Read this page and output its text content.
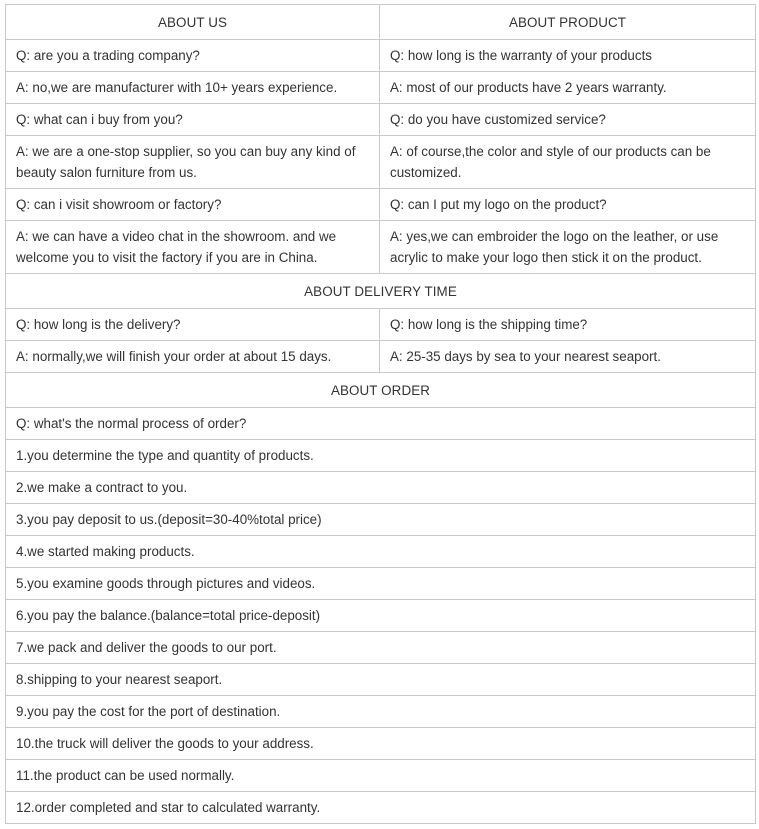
ABOUT US	ABOUT PRODUCT
Q: are you a trading company?	Q: how long is the warranty of your products
A: no,we are manufacturer with 10+ years experience.	A: most of our products have 2 years warranty.
Q: what can i buy from you?	Q: do you have customized service?
A: we are a one-stop supplier, so you can buy any kind of beauty salon furniture from us.	A: of course,the color and style of our products can be customized.
Q: can i visit showroom or factory?	Q: can I put my logo on the product?
A: we can have a video chat in the showroom. and we welcome you to visit the factory if you are in China.	A: yes,we can embroider the logo on the leather, or use acrylic to make your logo then stick it on the product.
ABOUT DELIVERY TIME	
Q: how long is the delivery?	Q: how long is the shipping time?
A: normally,we will finish your order at about 15 days.	A: 25-35 days by sea to your nearest seaport.
ABOUT ORDER	
Q: what's the normal process of order?	
1.you determine the type and quantity of products.	
2.we make a contract to you.	
3.you pay deposit to us.(deposit=30-40%total price)	
4.we started making products.	
5.you examine goods through pictures and videos.	
6.you pay the balance.(balance=total price-deposit)	
7.we pack and deliver the goods to our port.	
8.shipping to your nearest seaport.	
9.you pay the cost for the port of destination.	
10.the truck will deliver the goods to your address.	
11.the product can be used normally.	
12.order completed and star to calculated warranty.	
